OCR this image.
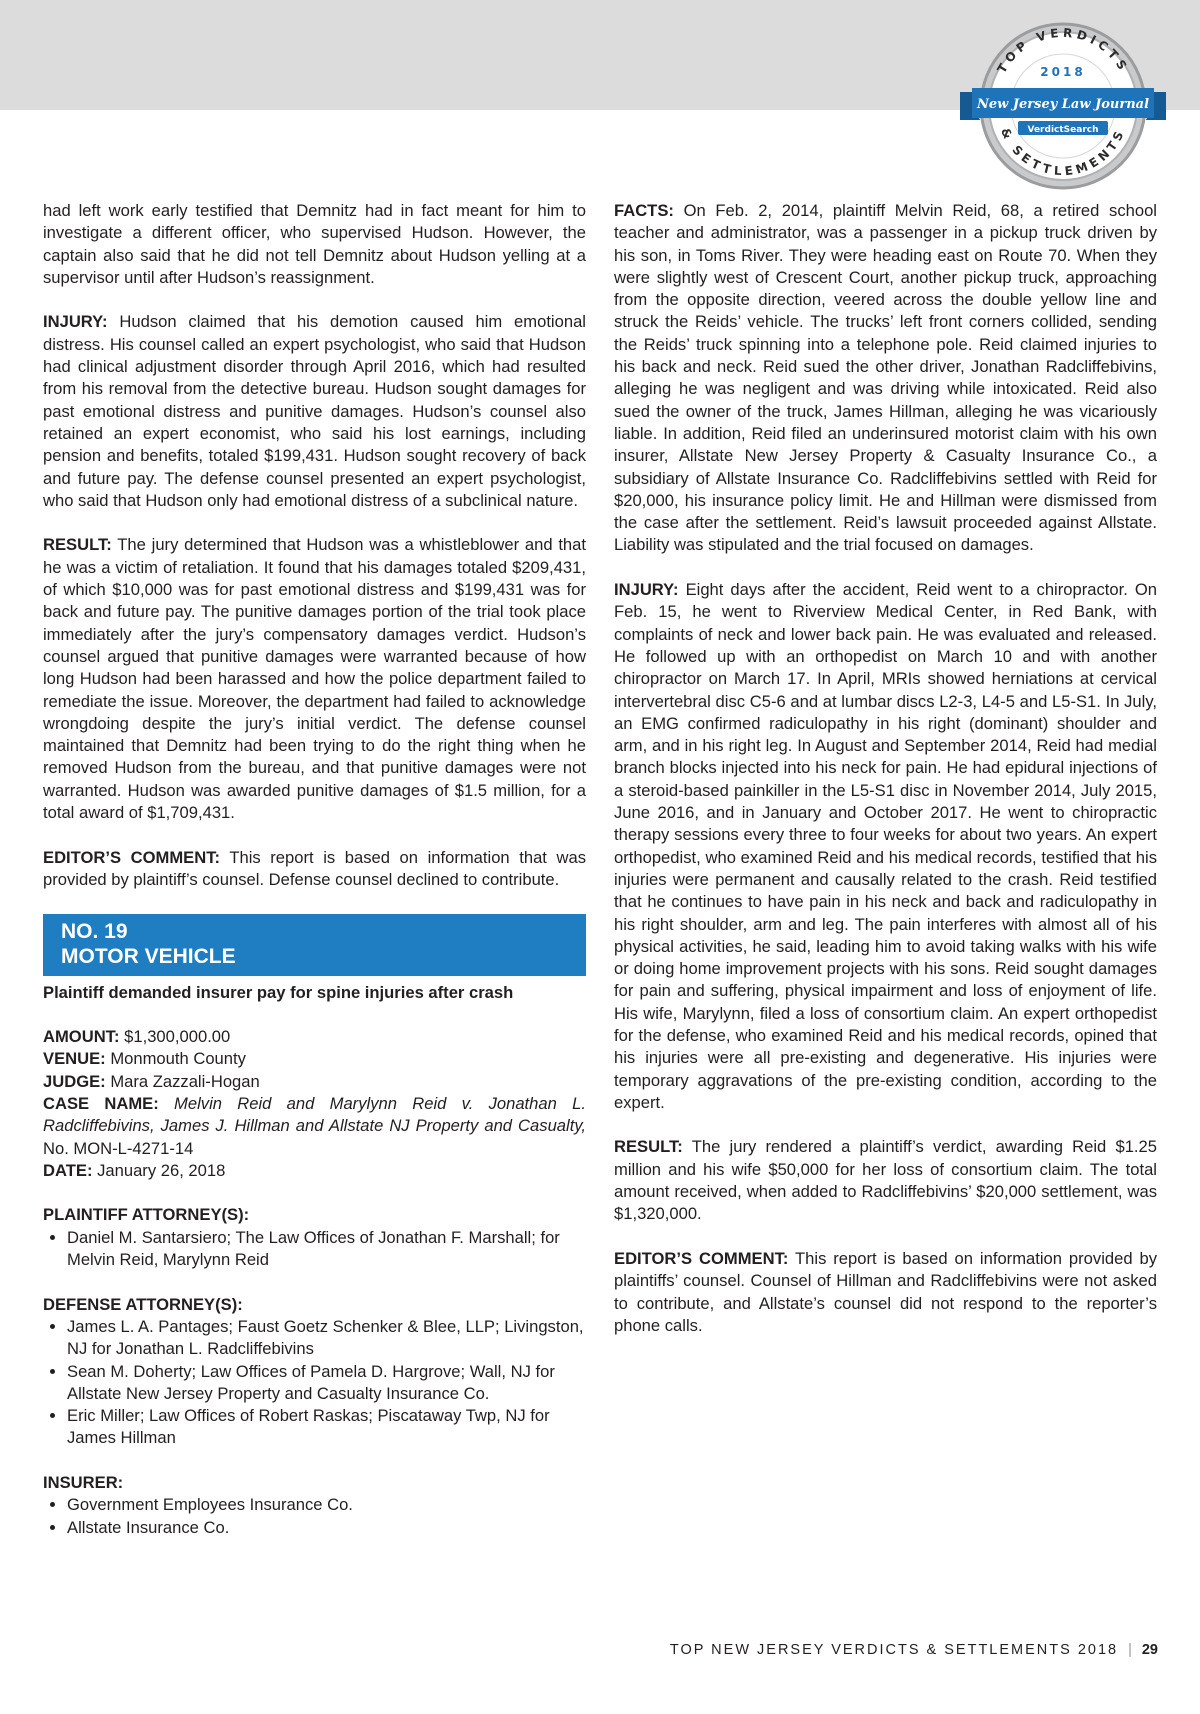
TOP VERDICTS
& SETTLEMENTS
2018
New Jersey Law Journal
VerdictSearch

had left work early testified that Demnitz had in fact meant for him to investigate a different officer, who supervised Hudson. However, the captain also said that he did not tell Demnitz about Hudson yelling at a supervisor until after Hudson’s reassignment.

INJURY: Hudson claimed that his demotion caused him emotional distress. His counsel called an expert psychologist, who said that Hudson had clinical adjustment disorder through April 2016, which had resulted from his removal from the detective bureau. Hudson sought damages for past emotional distress and punitive damages. Hudson’s counsel also retained an expert economist, who said his lost earnings, including pension and benefits, totaled $199,431. Hudson sought recovery of back and future pay. The defense counsel presented an expert psychologist, who said that Hudson only had emotional distress of a subclinical nature.

RESULT: The jury determined that Hudson was a whistleblower and that he was a victim of retaliation. It found that his damages totaled $209,431, of which $10,000 was for past emotional distress and $199,431 was for back and future pay. The punitive damages portion of the trial took place immediately after the jury’s compensatory damages verdict. Hudson’s counsel argued that punitive damages were warranted because of how long Hudson had been harassed and how the police department failed to remediate the issue. Moreover, the department had failed to acknowledge wrongdoing despite the jury’s initial verdict. The defense counsel maintained that Demnitz had been trying to do the right thing when he removed Hudson from the bureau, and that punitive damages were not warranted. Hudson was awarded punitive damages of $1.5 million, for a total award of $1,709,431.

EDITOR’S COMMENT: This report is based on information that was provided by plaintiff’s counsel. Defense counsel declined to contribute.

NO. 19
MOTOR VEHICLE
Plaintiff demanded insurer pay for spine injuries after crash
AMOUNT: $1,300,000.00
VENUE: Monmouth County
JUDGE: Mara Zazzali-Hogan
CASE NAME: Melvin Reid and Marylynn Reid v. Jonathan L. Radcliffebivins, James J. Hillman and Allstate NJ Property and Casualty, No. MON-L-4271-14
DATE: January 26, 2018
PLAINTIFF ATTORNEY(S):
• Daniel M. Santarsiero; The Law Offices of Jonathan F. Marshall; for Melvin Reid, Marylynn Reid
DEFENSE ATTORNEY(S):
• James L. A. Pantages; Faust Goetz Schenker & Blee, LLP; Livingston, NJ for Jonathan L. Radcliffebivins
• Sean M. Doherty; Law Offices of Pamela D. Hargrove; Wall, NJ for Allstate New Jersey Property and Casualty Insurance Co.
• Eric Miller; Law Offices of Robert Raskas; Piscataway Twp, NJ for James Hillman
INSURER:
• Government Employees Insurance Co.
• Allstate Insurance Co.

FACTS: On Feb. 2, 2014, plaintiff Melvin Reid, 68, a retired school teacher and administrator, was a passenger in a pickup truck driven by his son, in Toms River. They were heading east on Route 70. When they were slightly west of Crescent Court, another pickup truck, approaching from the opposite direction, veered across the double yellow line and struck the Reids’ vehicle. The trucks’ left front corners collided, sending the Reids’ truck spinning into a telephone pole. Reid claimed injuries to his back and neck. Reid sued the other driver, Jonathan Radcliffebivins, alleging he was negligent and was driving while intoxicated. Reid also sued the owner of the truck, James Hillman, alleging he was vicariously liable. In addition, Reid filed an underinsured motorist claim with his own insurer, Allstate New Jersey Property & Casualty Insurance Co., a subsidiary of Allstate Insurance Co. Radcliffebivins settled with Reid for $20,000, his insurance policy limit. He and Hillman were dismissed from the case after the settlement. Reid’s lawsuit proceeded against Allstate. Liability was stipulated and the trial focused on damages.

INJURY: Eight days after the accident, Reid went to a chiropractor. On Feb. 15, he went to Riverview Medical Center, in Red Bank, with complaints of neck and lower back pain. He was evaluated and released. He followed up with an orthopedist on March 10 and with another chiropractor on March 17. In April, MRIs showed herniations at cervical intervertebral disc C5-6 and at lumbar discs L2-3, L4-5 and L5-S1. In July, an EMG confirmed radiculopathy in his right (dominant) shoulder and arm, and in his right leg. In August and September 2014, Reid had medial branch blocks injected into his neck for pain. He had epidural injections of a steroid-based painkiller in the L5-S1 disc in November 2014, July 2015, June 2016, and in January and October 2017. He went to chiropractic therapy sessions every three to four weeks for about two years. An expert orthopedist, who examined Reid and his medical records, testified that his injuries were permanent and causally related to the crash. Reid testified that he continues to have pain in his neck and back and radiculopathy in his right shoulder, arm and leg. The pain interferes with almost all of his physical activities, he said, leading him to avoid taking walks with his wife or doing home improvement projects with his sons. Reid sought damages for pain and suffering, physical impairment and loss of enjoyment of life. His wife, Marylynn, filed a loss of consortium claim. An expert orthopedist for the defense, who examined Reid and his medical records, opined that his injuries were all pre-existing and degenerative. His injuries were temporary aggravations of the pre-existing condition, according to the expert.

RESULT: The jury rendered a plaintiff’s verdict, awarding Reid $1.25 million and his wife $50,000 for her loss of consortium claim. The total amount received, when added to Radcliffebivins’ $20,000 settlement, was $1,320,000.

EDITOR’S COMMENT: This report is based on information provided by plaintiffs’ counsel. Counsel of Hillman and Radcliffebivins were not asked to contribute, and Allstate’s counsel did not respond to the reporter’s phone calls.

TOP NEW JERSEY VERDICTS & SETTLEMENTS 2018 | 29
